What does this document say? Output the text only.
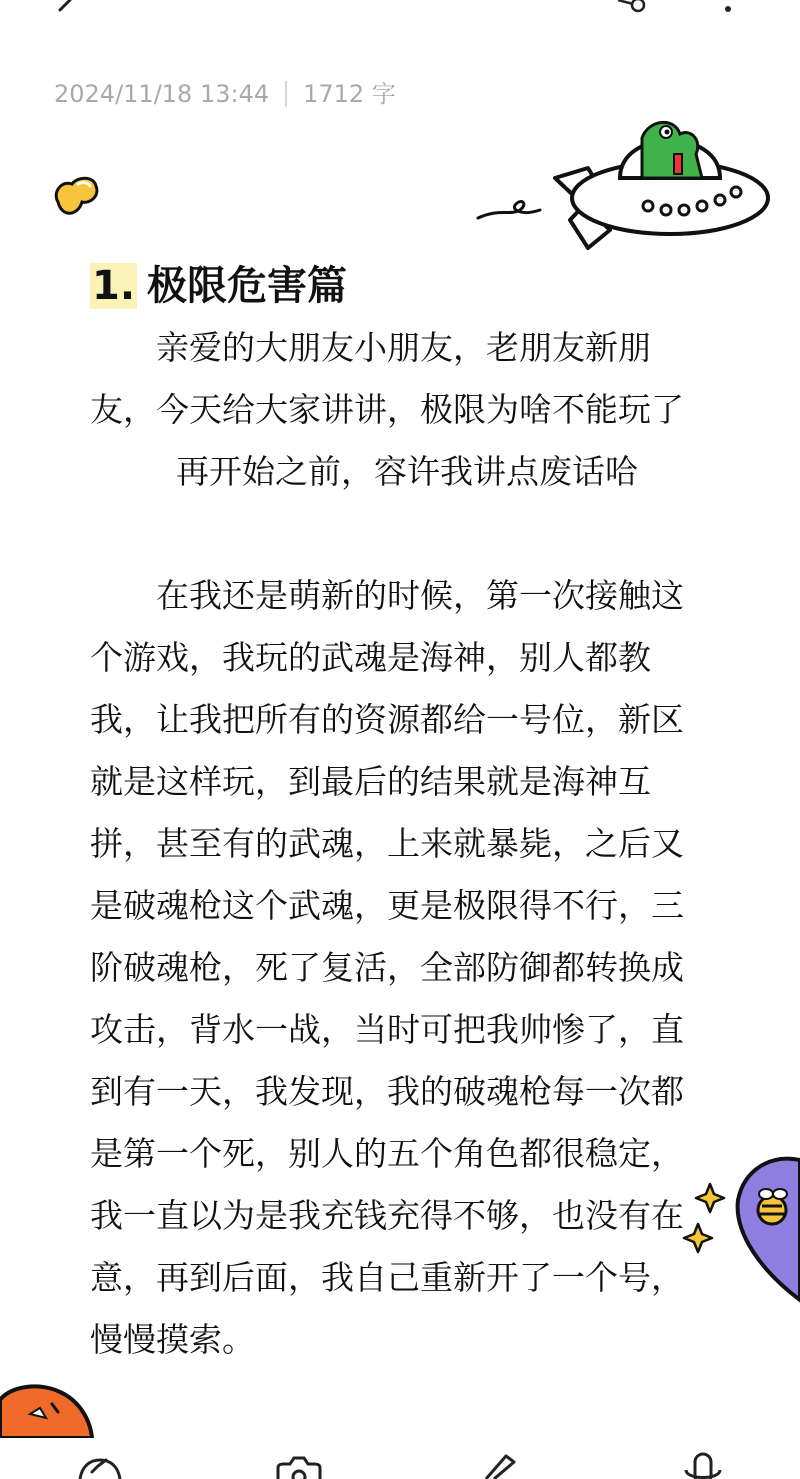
2024/11/18 13:44 1712 字
1. 极限危害篇

亲爱的大朋友小朋友，老朋友新朋友，今天给大家讲讲，极限为啥不能玩了

再开始之前，容许我讲点废话哈

在我还是萌新的时候，第一次接触这个游戏，我玩的武魂是海神，别人都教我，让我把所有的资源都给一号位，新区就是这样玩，到最后的结果就是海神互拼，甚至有的武魂，上来就暴毙，之后又是破魂枪这个武魂，更是极限得不行，三阶破魂枪，死了复活，全部防御都转换成攻击，背水一战，当时可把我帅惨了，直到有一天，我发现，我的破魂枪每一次都是第一个死，别人的五个角色都很稳定，我一直以为是我充钱充得不够，也没有在意，再到后面，我自己重新开了一个号，慢慢摸索。
